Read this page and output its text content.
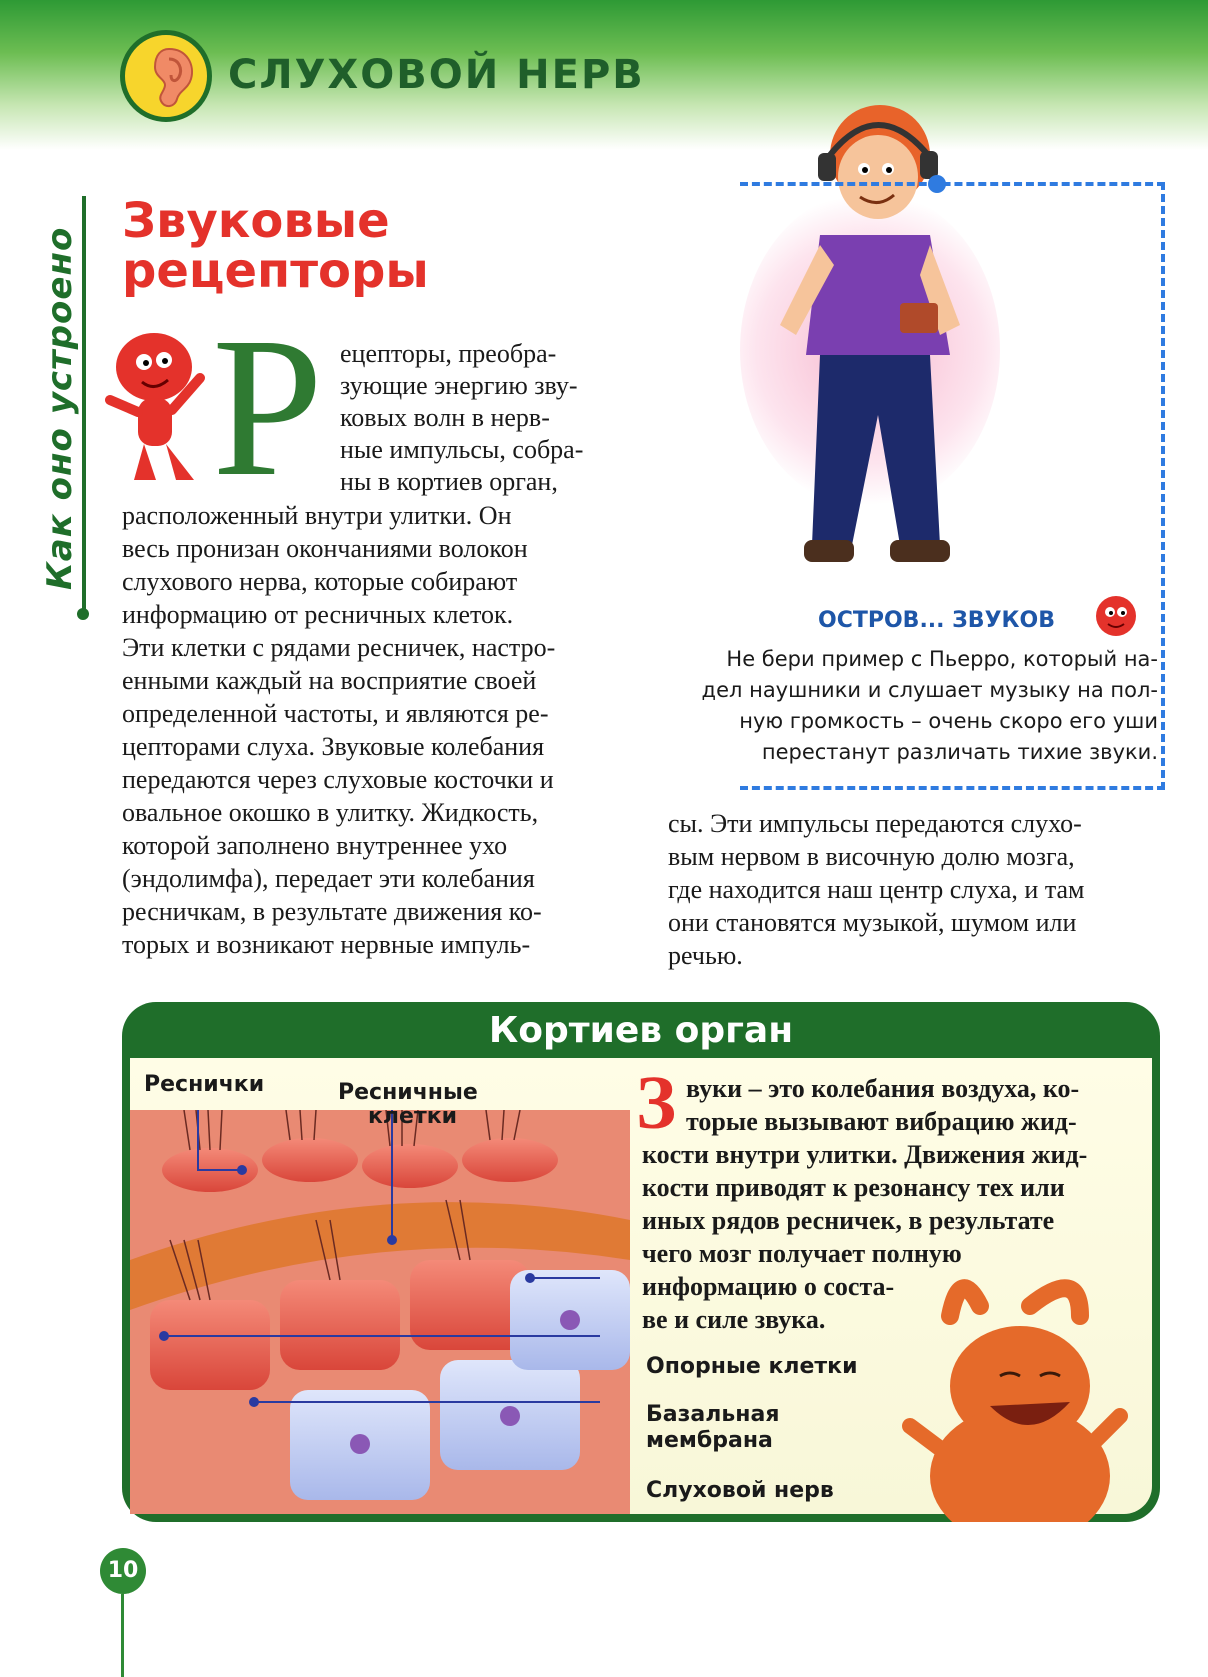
СЛУХОВОЙ НЕРВ
Как оно устроено
Звуковые
рецепторы
Р ецепторы, преобра-
зующие энергию зву-
ковых волн в нерв-
ные импульсы, собра-
ны в кортиев орган,
расположенный внутри улитки. Он
весь пронизан окончаниями волокон
слухового нерва, которые собирают
информацию от ресничных клеток.
Эти клетки с рядами ресничек, настро-
енными каждый на восприятие своей
определенной частоты, и являются ре-
цепторами слуха. Звуковые колебания
передаются через слуховые косточки и
овальное окошко в улитку. Жидкость,
которой заполнено внутреннее ухо
(эндолимфа), передает эти колебания
ресничкам, в результате движения ко-
торых и возникают нервные импуль-
ОСТРОВ... ЗВУКОВ
Не бери пример с Пьерро, который на-
дел наушники и слушает музыку на пол-
ную громкость – очень скоро его уши
перестанут различать тихие звуки.
сы. Эти импульсы передаются слухо-
вым нервом в височную долю мозга,
где находится наш центр слуха, и там
они становятся музыкой, шумом или
речью.
Кортиев орган
Реснички	Ресничные
клетки
Опорные клетки
Базальная
мембрана
Слуховой нерв
З вуки – это колебания воздуха, ко-
торые вызывают вибрацию жид-
кости внутри улитки. Движения жид-
кости приводят к резонансу тех или
иных рядов ресничек, в результате
чего мозг получает полную
информацию о соста-
ве и силе звука.
10
